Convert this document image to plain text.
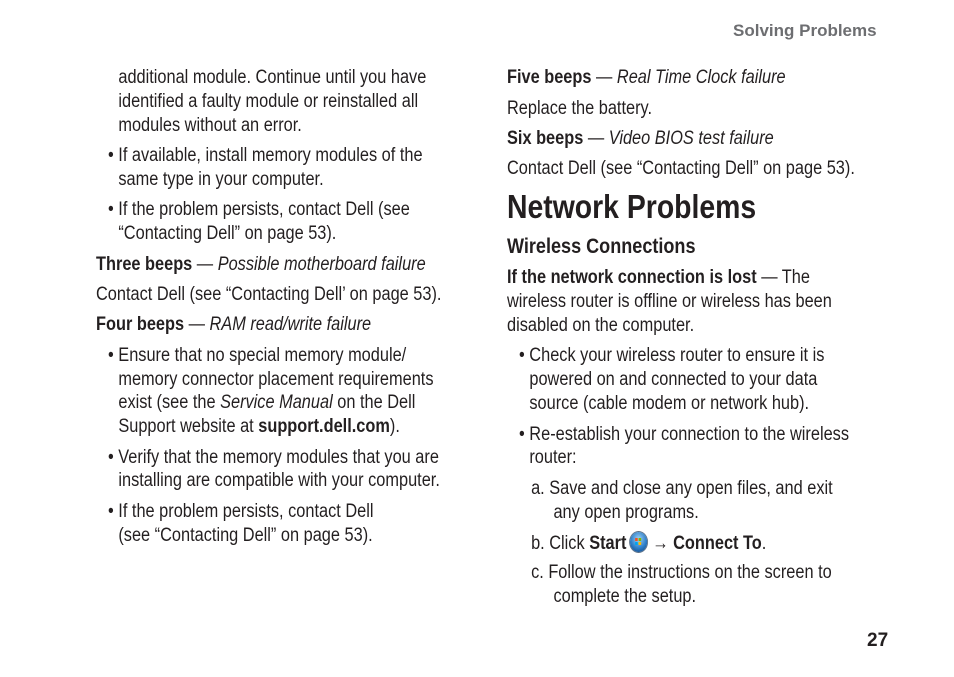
Solving Problems
additional module. Continue until you have
identified a faulty module or reinstalled all
modules without an error.
• If available, install memory modules of the
same type in your computer.
• If the problem persists, contact Dell (see
“Contacting Dell” on page 53).
Three beeps — Possible motherboard failure
Contact Dell (see “Contacting Dell’ on page 53).
Four beeps — RAM read/write failure
• Ensure that no special memory module/
memory connector placement requirements
exist (see the Service Manual on the Dell
Support website at support.dell.com).
• Verify that the memory modules that you are
installing are compatible with your computer.
• If the problem persists, contact Dell
(see “Contacting Dell” on page 53).
Five beeps — Real Time Clock failure
Replace the battery.
Six beeps — Video BIOS test failure
Contact Dell (see “Contacting Dell” on page 53).
Network Problems
Wireless Connections
If the network connection is lost — The
wireless router is offline or wireless has been
disabled on the computer.
• Check your wireless router to ensure it is
powered on and connected to your data
source (cable modem or network hub).
• Re-establish your connection to the wireless
router:
a. Save and close any open files, and exit
any open programs.
b. Click Start → Connect To.
c. Follow the instructions on the screen to
complete the setup.
27
